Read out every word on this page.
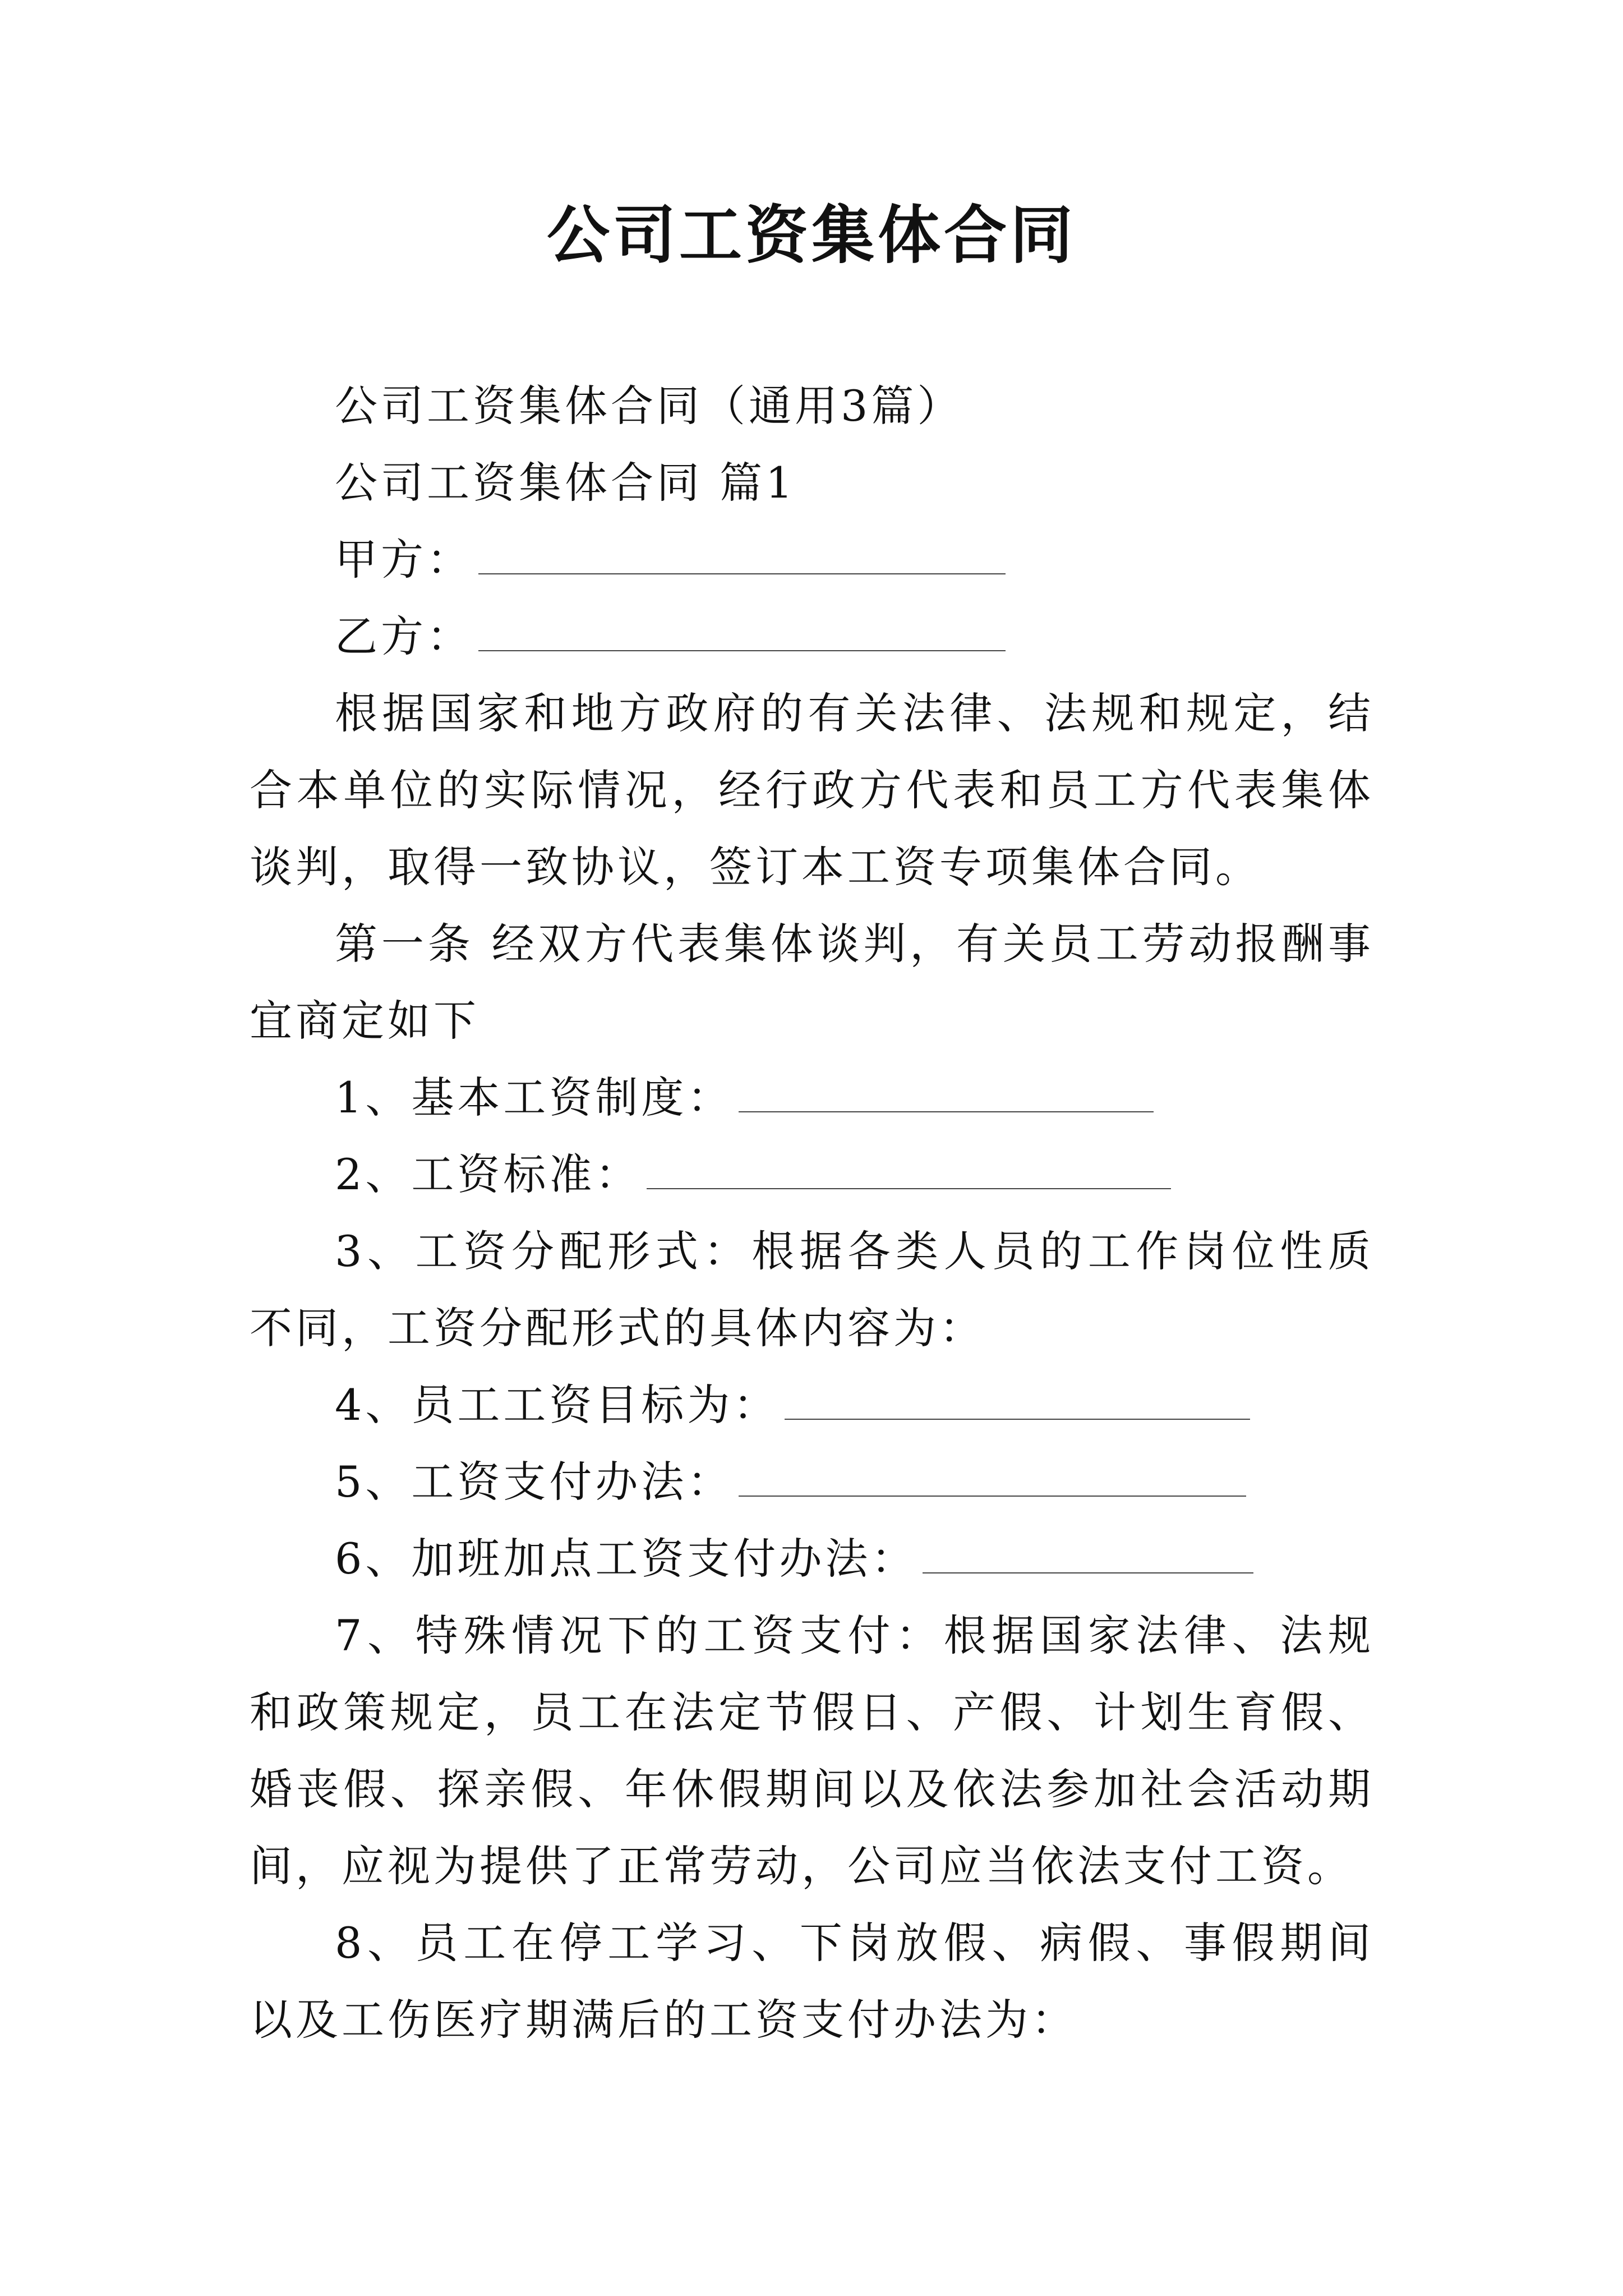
公司工资集体合同

公司工资集体合同（通用3篇）

公司工资集体合同 篇1

甲方：

乙方：

根据国家和地方政府的有关法律、法规和规定，结合本单位的实际情况，经行政方代表和员工方代表集体谈判，取得一致协议，签订本工资专项集体合同。

第一条 经双方代表集体谈判，有关员工劳动报酬事宜商定如下

1、基本工资制度：

2、工资标准：

3、工资分配形式：根据各类人员的工作岗位性质不同，工资分配形式的具体内容为：

4、员工工资目标为：

5、工资支付办法：

6、加班加点工资支付办法：

7、特殊情况下的工资支付：根据国家法律、法规和政策规定，员工在法定节假日、产假、计划生育假、婚丧假、探亲假、年休假期间以及依法参加社会活动期间，应视为提供了正常劳动，公司应当依法支付工资。

8、员工在停工学习、下岗放假、病假、事假期间以及工伤医疗期满后的工资支付办法为：
